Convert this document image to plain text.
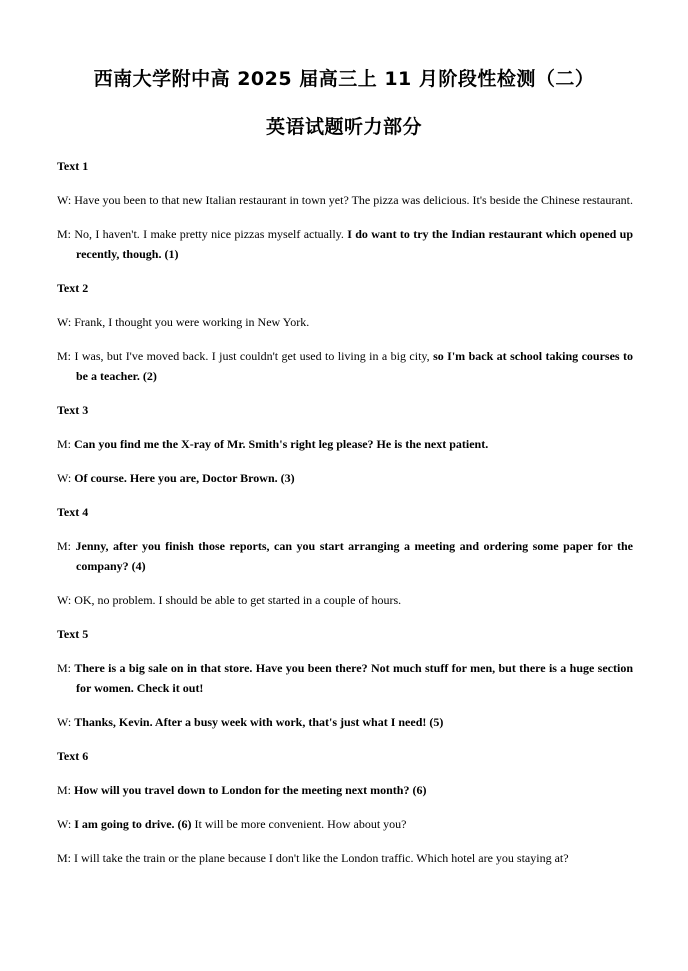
西南大学附中高 2025 届高三上 11 月阶段性检测（二）
英语试题听力部分
Text 1
W: Have you been to that new Italian restaurant in town yet? The pizza was delicious. It's beside the Chinese restaurant.
M: No, I haven't. I make pretty nice pizzas myself actually. I do want to try the Indian restaurant which opened up recently, though. (1)
Text 2
W: Frank, I thought you were working in New York.
M: I was, but I've moved back. I just couldn't get used to living in a big city, so I'm back at school taking courses to be a teacher. (2)
Text 3
M: Can you find me the X-ray of Mr. Smith's right leg please? He is the next patient.
W: Of course. Here you are, Doctor Brown. (3)
Text 4
M: Jenny, after you finish those reports, can you start arranging a meeting and ordering some paper for the company? (4)
W: OK, no problem. I should be able to get started in a couple of hours.
Text 5
M: There is a big sale on in that store. Have you been there? Not much stuff for men, but there is a huge section for women. Check it out!
W: Thanks, Kevin. After a busy week with work, that's just what I need! (5)
Text 6
M: How will you travel down to London for the meeting next month? (6)
W: I am going to drive. (6) It will be more convenient. How about you?
M: I will take the train or the plane because I don't like the London traffic. Which hotel are you staying at?
